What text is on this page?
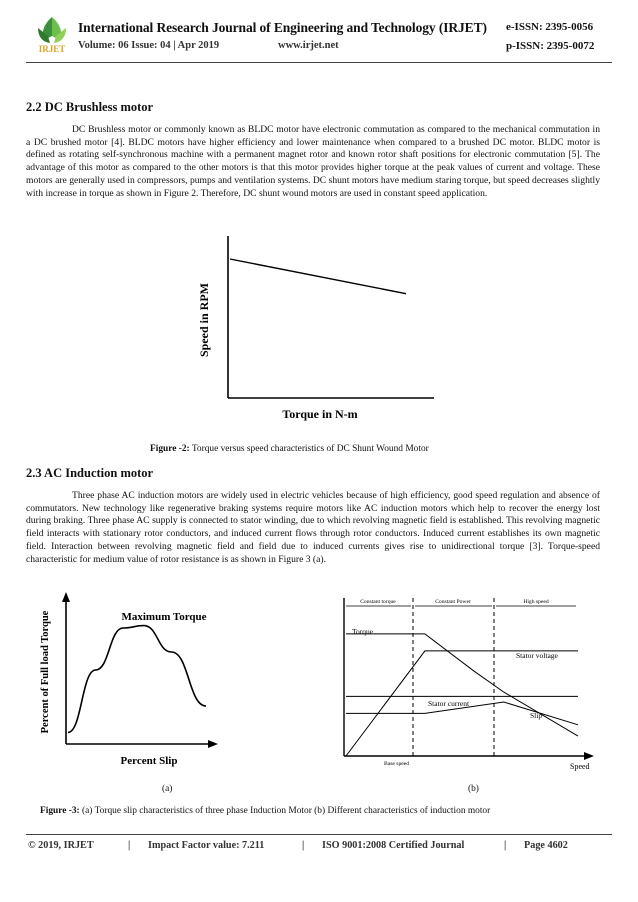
IRJET
International Research Journal of Engineering and Technology (IRJET) e-ISSN: 2395-0056
Volume: 06 Issue: 04 | Apr 2019	www.irjet.net	p-ISSN: 2395-0072
2.2 DC Brushless motor

DC Brushless motor or commonly known as BLDC motor have electronic commutation as compared to the mechanical commutation in a DC brushed motor [4]. BLDC motors have higher efficiency and lower maintenance when compared to a brushed DC motor. BLDC motor is defined as rotating self-synchronous machine with a permanent magnet rotor and known rotor shaft positions for electronic commutation [5]. The advantage of this motor as compared to the other motors is that this motor provides higher torque at the peak values of current and voltage. These motors are generally used in compressors, pumps and ventilation systems. DC shunt motors have medium staring torque, but speed decreases slightly with increase in torque as shown in Figure 2. Therefore, DC shunt wound motors are used in constant speed application.

Speed in RPM
Torque in N-m
Figure -2: Torque versus speed characteristics of DC Shunt Wound Motor
2.3 AC Induction motor

Three phase AC induction motors are widely used in electric vehicles because of high efficiency, good speed regulation and absence of commutators. New technology like regenerative braking systems require motors like AC induction motors which help to recover the energy lost during braking. Three phase AC supply is connected to stator winding, due to which revolving magnetic field is established. This revolving magnetic field interacts with stationary rotor conductors, and induced current flows through rotor conductors. Induced current establishes its own magnetic field. Interaction between revolving magnetic field and field due to induced currents gives rise to unidirectional torque [3]. Torque-speed characteristic for medium value of rotor resistance is as shown in Figure 3 (a).

Maximum Torque
Percent of Full load Torque
Percent Slip
Constant torque	Constant Power	High speed
Torque
Stator voltage
Stator current
Slip
Base speed	Speed
(a)	(b)
Figure -3: (a) Torque slip characteristics of three phase Induction Motor (b) Different characteristics of induction motor
© 2019, IRJET	| Impact Factor value: 7.211	| ISO 9001:2008 Certified Journal	| Page 4602
